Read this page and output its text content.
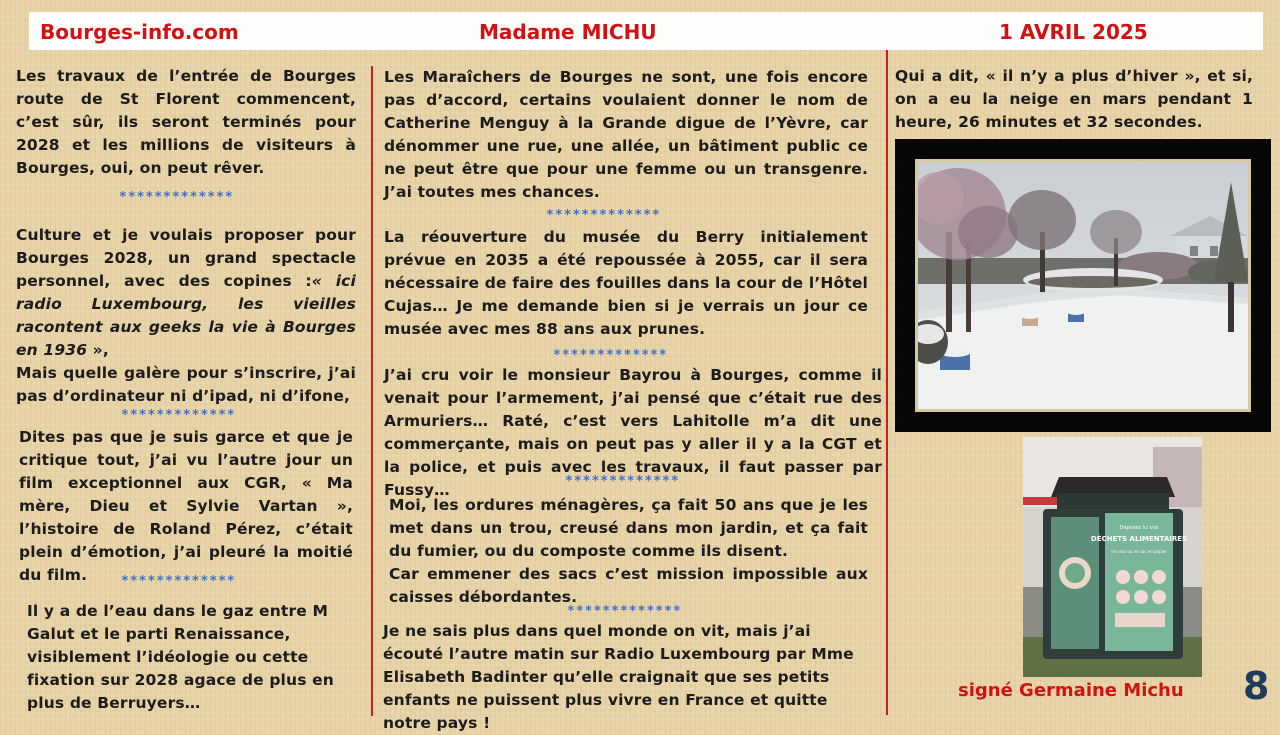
Bourges-info.com	Madame MICHU	1 AVRIL 2025

Les travaux de l’entrée de Bourges route de St Florent commencent, c’est sûr, ils seront terminés pour 2028 et les millions de visiteurs à Bourges, oui, on peut rêver.

*************

Culture et je voulais proposer pour Bourges 2028, un grand spectacle personnel, avec des copines :« ici radio Luxembourg, les vieilles racontent aux geeks la vie à Bourges en 1936 »,

Mais quelle galère pour s’inscrire, j’ai pas d’ordinateur ni d’ipad, ni d’ifone,

*************

Dites pas que je suis garce et que je critique tout, j’ai vu l’autre jour un film exceptionnel aux CGR, « Ma mère, Dieu et Sylvie Vartan », l’histoire de Roland Pérez, c’était plein d’émotion, j’ai pleuré la moitié du film.	*************

Il y a de l’eau dans le gaz entre M Galut et le parti Renaissance, visiblement l’idéologie ou cette fixation sur 2028 agace de plus en plus de Berruyers…

Les Maraîchers de Bourges ne sont, une fois encore pas d’accord, certains voulaient donner le nom de Catherine Menguy à la Grande digue de l’Yèvre, car dénommer une rue, une allée, un bâtiment public ce ne peut être que pour une femme ou un transgenre. J’ai toutes mes chances.

*************

La réouverture du musée du Berry initialement prévue en 2035 a été repoussée à 2055, car il sera nécessaire de faire des fouilles dans la cour de l’Hôtel Cujas… Je me demande bien si je verrais un jour ce musée avec mes 88 ans aux prunes.

*************

J’ai cru voir le monsieur Bayrou à Bourges, comme il venait pour l’armement, j’ai pensé que c’était rue des Armuriers… Raté, c’est vers Lahitolle m’a dit une commerçante, mais on peut pas y aller il y a la CGT et la police, et puis avec les travaux, il faut passer par Fussy…	*************

Moi, les ordures ménagères, ça fait 50 ans que je les met dans un trou, creusé dans mon jardin, et ça fait du fumier, ou du composte comme ils disent.

Car emmener des sacs c’est mission impossible aux caisses débordantes.

*************

Je ne sais plus dans quel monde on vit, mais j’ai écouté l’autre matin sur Radio Luxembourg par Mme Elisabeth Badinter qu’elle craignait que ses petits enfants ne puissent plus vivre en France et quitte notre pays !

Qui a dit, « il n’y a plus d’hiver », et si, on a eu la neige en mars pendant 1 heure, 26 minutes et 32 secondes.

Déposez ici vos
DÉCHETS ALIMENTAIRES
en vrac ou en sac en papier
signé Germaine Michu 8
